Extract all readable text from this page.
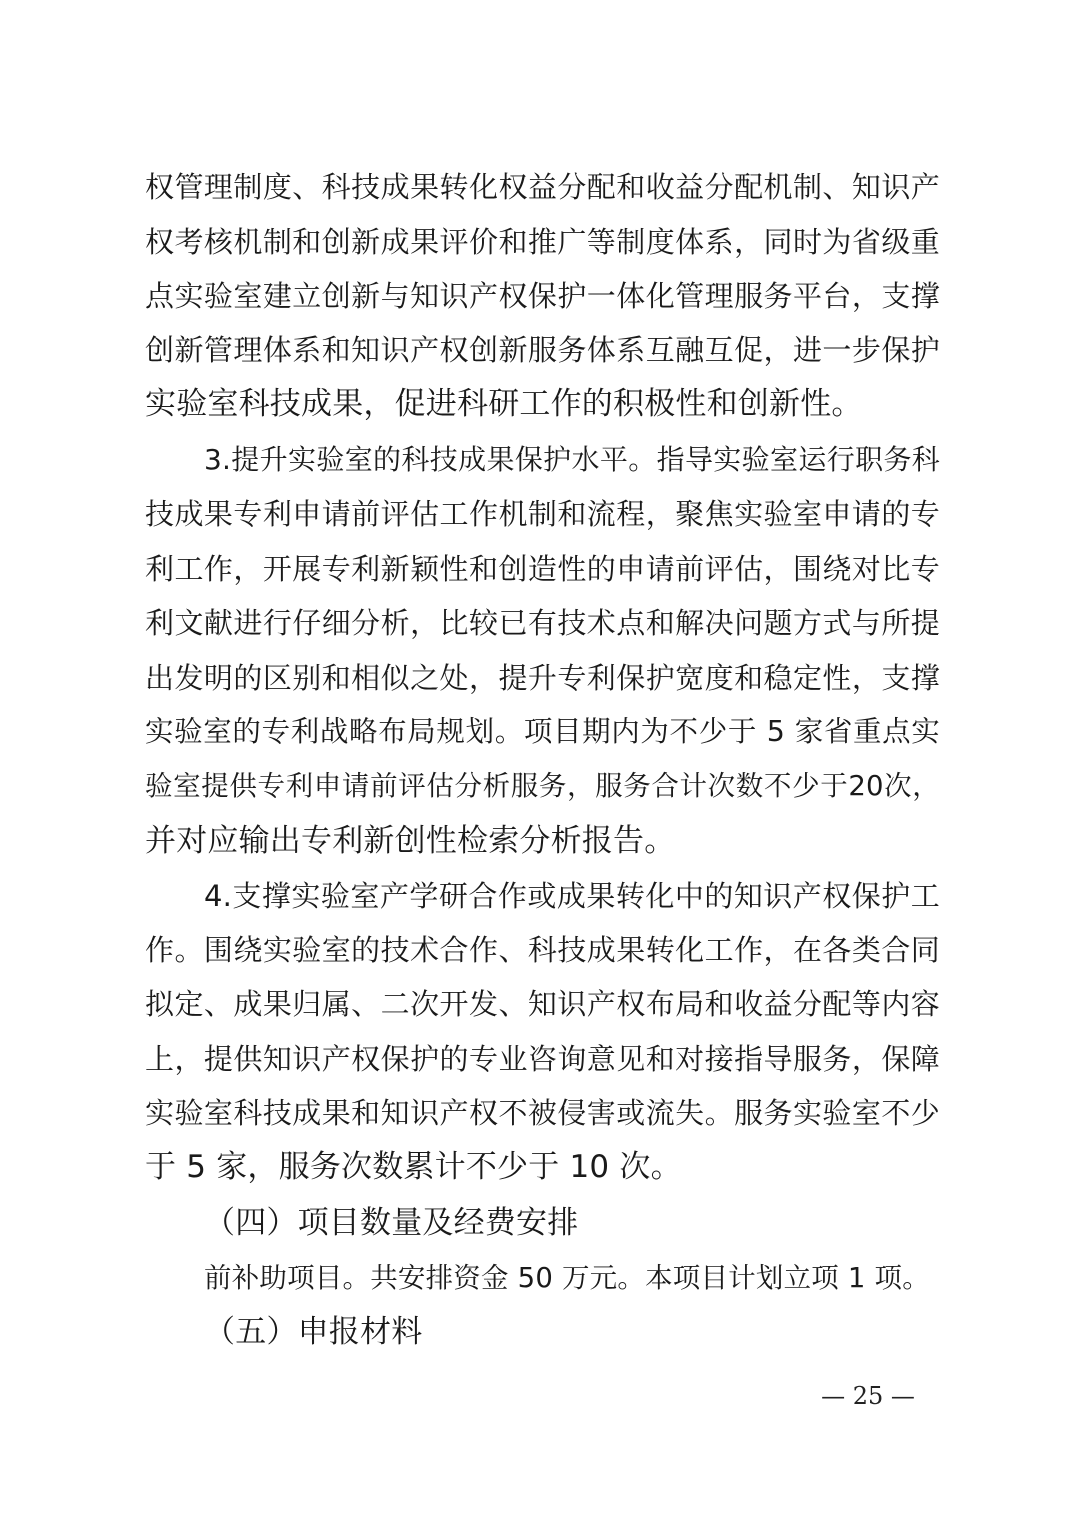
权管理制度、科技成果转化权益分配和收益分配机制、知识产
权考核机制和创新成果评价和推广等制度体系，同时为省级重
点实验室建立创新与知识产权保护一体化管理服务平台，支撑
创新管理体系和知识产权创新服务体系互融互促，进一步保护
实验室科技成果，促进科研工作的积极性和创新性。
3.提升实验室的科技成果保护水平。指导实验室运行职务科
技成果专利申请前评估工作机制和流程，聚焦实验室申请的专
利工作，开展专利新颖性和创造性的申请前评估，围绕对比专
利文献进行仔细分析，比较已有技术点和解决问题方式与所提
出发明的区别和相似之处，提升专利保护宽度和稳定性，支撑
实验室的专利战略布局规划。项目期内为不少于 5 家省重点实
验室提供专利申请前评估分析服务，服务合计次数不少于20次，
并对应输出专利新创性检索分析报告。
4.支撑实验室产学研合作或成果转化中的知识产权保护工
作。围绕实验室的技术合作、科技成果转化工作，在各类合同
拟定、成果归属、二次开发、知识产权布局和收益分配等内容
上，提供知识产权保护的专业咨询意见和对接指导服务，保障
实验室科技成果和知识产权不被侵害或流失。服务实验室不少
于 5 家，服务次数累计不少于 10 次。
（四）项目数量及经费安排
前补助项目。共安排资金 50 万元。本项目计划立项 1 项。
（五）申报材料
— 25 —
